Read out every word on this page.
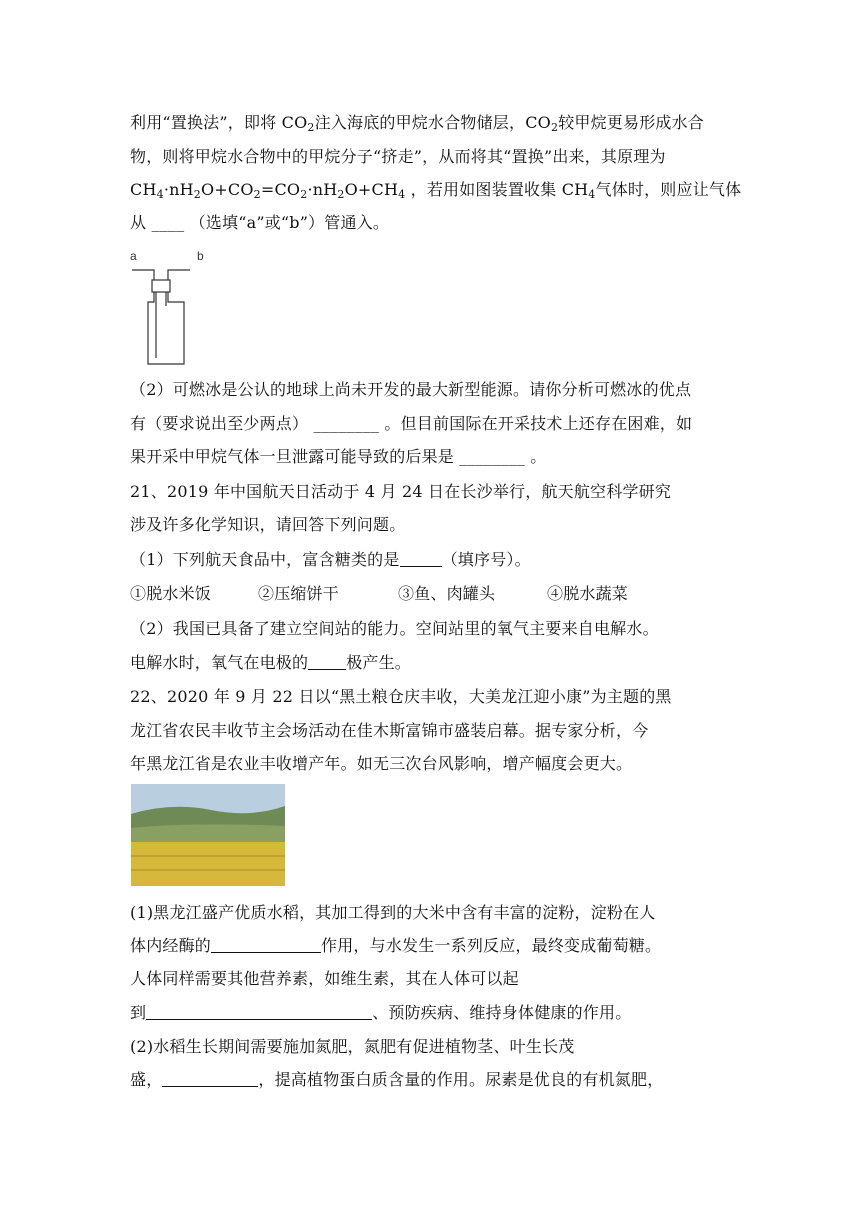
利用“置换法”，即将 $CO_2$注入海底的甲烷水合物储层，$CO_2$较甲烷更易形成水合
物，则将甲烷水合物中的甲烷分子“挤走”，从而将其“置换”出来，其原理为
$CH_4\cdot nH_2O+CO_2=CO_2\cdot nH_2O+CH_4$ ，若用如图装置收集 $CH_4$气体时，则应让气体
从 ____ （选填“a”或“b”）管通入。
a	b
（2）可燃冰是公认的地球上尚未开发的最大新型能源。请你分析可燃冰的优点
有（要求说出至少两点） ________ 。但目前国际在开采技术上还存在困难，如
果开采中甲烷气体一旦泄露可能导致的后果是 ________ 。
21、2019 年中国航天日活动于 4 月 24 日在长沙举行，航天航空科学研究
涉及许多化学知识，请回答下列问题。
（1）下列航天食品中，富含糖类的是	（填序号）。
①脱水米饭	②压缩饼干	③鱼、肉罐头	④脱水蔬菜
（2）我国已具备了建立空间站的能力。空间站里的氧气主要来自电解水。
电解水时，氧气在电极的 极产生。
22、2020 年 9 月 22 日以“黑土粮仓庆丰收，大美龙江迎小康”为主题的黑
龙江省农民丰收节主会场活动在佳木斯富锦市盛装启幕。据专家分析，今
年黑龙江省是农业丰收增产年。如无三次台风影响，增产幅度会更大。
(1)黑龙江盛产优质水稻，其加工得到的大米中含有丰富的淀粉，淀粉在人
体内经酶的	作用，与水发生一系列反应，最终变成葡萄糖。
人体同样需要其他营养素，如维生素，其在人体可以起
到	、预防疾病、维持身体健康的作用。
(2)水稻生长期间需要施加氮肥，氮肥有促进植物茎、叶生长茂
盛，	，提高植物蛋白质含量的作用。尿素是优良的有机氮肥，
